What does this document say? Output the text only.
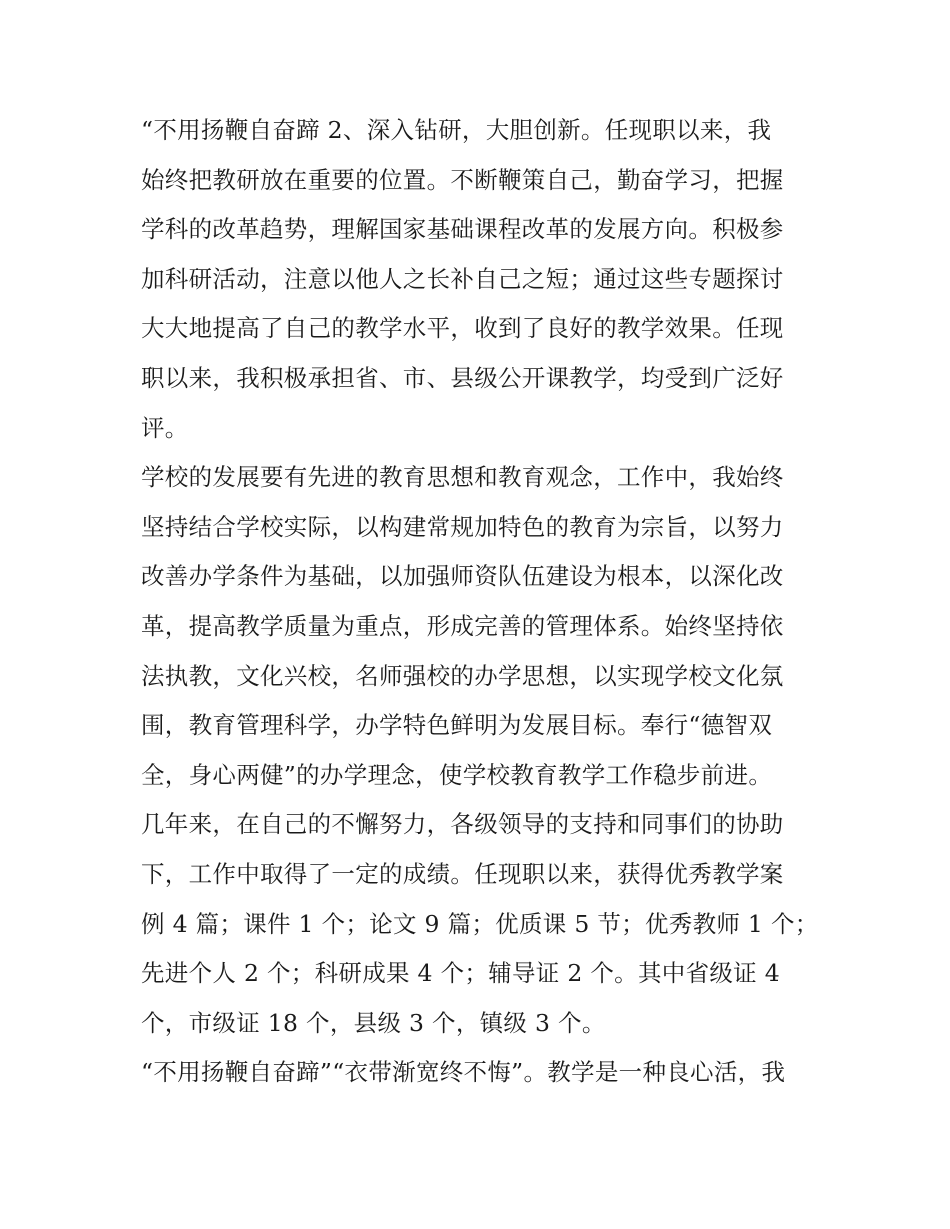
“不用扬鞭自奋蹄 2、深入钻研，大胆创新。任现职以来，我
始终把教研放在重要的位置。不断鞭策自己，勤奋学习，把握
学科的改革趋势，理解国家基础课程改革的发展方向。积极参
加科研活动，注意以他人之长补自己之短；通过这些专题探讨
大大地提高了自己的教学水平，收到了良好的教学效果。任现
职以来，我积极承担省、市、县级公开课教学，均受到广泛好
评。
学校的发展要有先进的教育思想和教育观念，工作中，我始终
坚持结合学校实际，以构建常规加特色的教育为宗旨，以努力
改善办学条件为基础，以加强师资队伍建设为根本，以深化改
革，提高教学质量为重点，形成完善的管理体系。始终坚持依
法执教，文化兴校，名师强校的办学思想，以实现学校文化氛
围，教育管理科学，办学特色鲜明为发展目标。奉行“德智双
全，身心两健”的办学理念，使学校教育教学工作稳步前进。
几年来，在自己的不懈努力，各级领导的支持和同事们的协助
下，工作中取得了一定的成绩。任现职以来，获得优秀教学案
例 4 篇；课件 1 个；论文 9 篇；优质课 5 节；优秀教师 1 个；
先进个人 2 个；科研成果 4 个；辅导证 2 个。其中省级证 4
个，市级证 18 个，县级 3 个，镇级 3 个。
“不用扬鞭自奋蹄”“衣带渐宽终不悔”。教学是一种良心活，我
